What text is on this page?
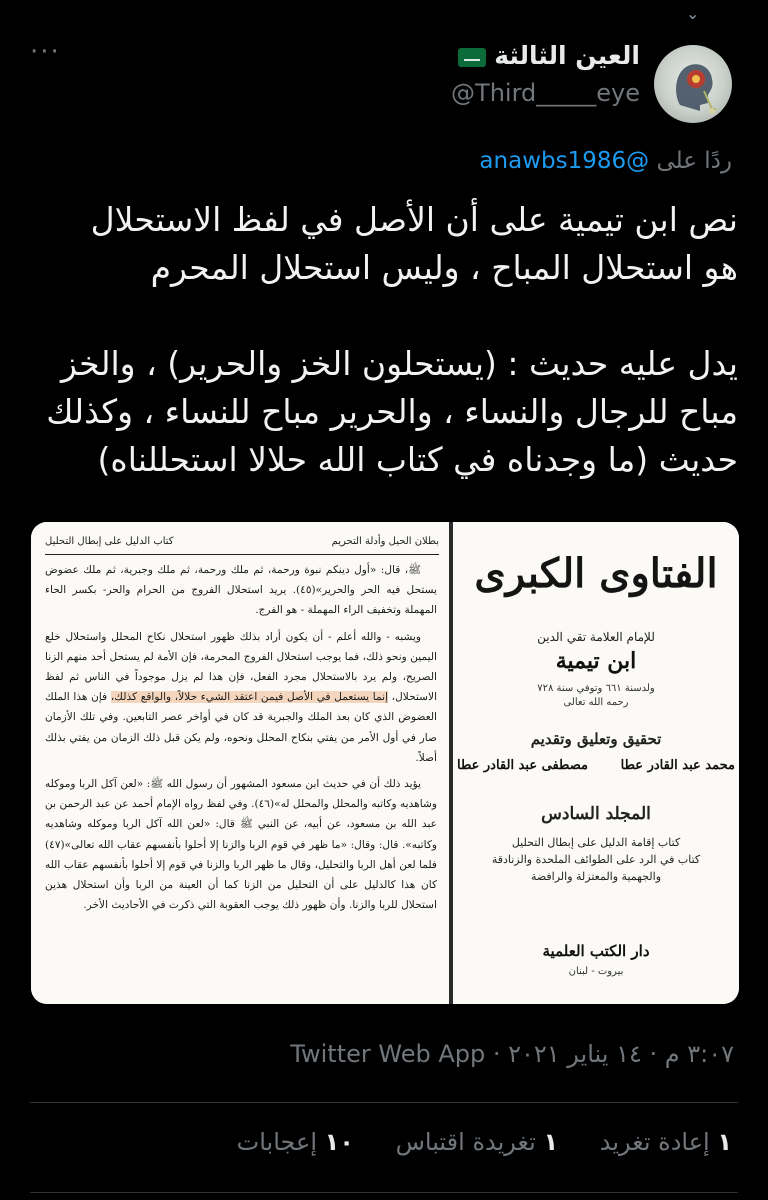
⌄
···	العين الثالثة
@Third_____eye
ردًا على anawbs1986@
نص ابن تيمية على أن الأصل في لفظ الاستحلال
هو استحلال المباح ، وليس استحلال المحرم

يدل عليه حديث : (يستحلون الخز والحرير) ، والخز
مباح للرجال والنساء ، والحرير مباح للنساء ، وكذلك
حديث (ما وجدناه في كتاب الله حلالا استحللناه)
بطلان الحيل وأدلة التحريم
كتاب الدليل على إبطال التحليل

ﷺ، قال: «أول دينكم نبوة ورحمة، ثم ملك ورحمة، ثم ملك وجبرية، ثم ملك عضوض يستحل فيه الحر والحرير»(٤٥). يريد استحلال الفروج من الحرام والحر- بكسر الحاء المهملة وتخفيف الراء المهملة - هو الفرج.

ويشبه - والله أعلم - أن يكون أراد بذلك ظهور استحلال نكاح المحلل واستحلال خلع اليمين ونحو ذلك، فما يوجب استحلال الفروج المحرمة، فإن الأمة لم يستحل أحد منهم الزنا الصريح، ولم يرد بالاستحلال مجرد الفعل، فإن هذا لم يزل موجوداً في الناس ثم لفظ الاستحلال، إنما يستعمل في الأصل فيمن اعتقد الشيء حلالاً، والواقع كذلك، فإن هذا الملك العضوض الذي كان بعد الملك والجبرية قد كان في أواخر عصر التابعين. وفي تلك الأزمان صار في أول الأمر من يفتي بنكاح المحلل ونحوه، ولم يكن قبل ذلك الزمان من يفتي بذلك أصلاً.

يؤيد ذلك أن في حديث ابن مسعود المشهور أن رسول الله ﷺ: «لعن آكل الربا وموكله وشاهديه وكاتبه والمحلل والمحلل له»(٤٦). وفي لفظ رواه الإمام أحمد عن عبد الرحمن بن عبد الله بن مسعود، عن أبيه، عن النبي ﷺ قال: «لعن الله آكل الربا وموكله وشاهديه وكاتبه». قال: وقال: «ما ظهر في قوم الربا والزنا إلا أحلوا بأنفسهم عقاب الله تعالى»(٤٧) فلما لعن أهل الربا والتحليل، وقال ما ظهر الربا والزنا في قوم إلا أحلوا بأنفسهم عقاب الله كان هذا كالدليل على أن التحليل من الزنا كما أن العينة من الربا وأن استحلال هذين استحلال للربا والزنا. وأن ظهور ذلك يوجب العقوبة التي ذكرت في الأحاديث الأخر.

الفتاوى الكبرى
للإمام العلامة تقي الدين
ابن تيمية
ولدسنة ٦٦١ وتوفي سنة ٧٢٨
رحمه الله تعالى
تحقيق وتعليق وتقديم
محمد عبد القادر عطا
مصطفى عبد القادر عطا
المجلد السادس
كتاب إقامة الدليل على إبطال التحليل
كتاب في الرد على الطوائف الملحدة والزنادقة
والجهمية والمعتزلة والرافضة
دار الكتب العلمية
بيروت - لبنان
٣:٠٧ م · ١٤ يناير ٢٠٢١ · Twitter Web App
١ إعادة تغريد ١ تغريدة اقتباس ١٠ إعجابات
